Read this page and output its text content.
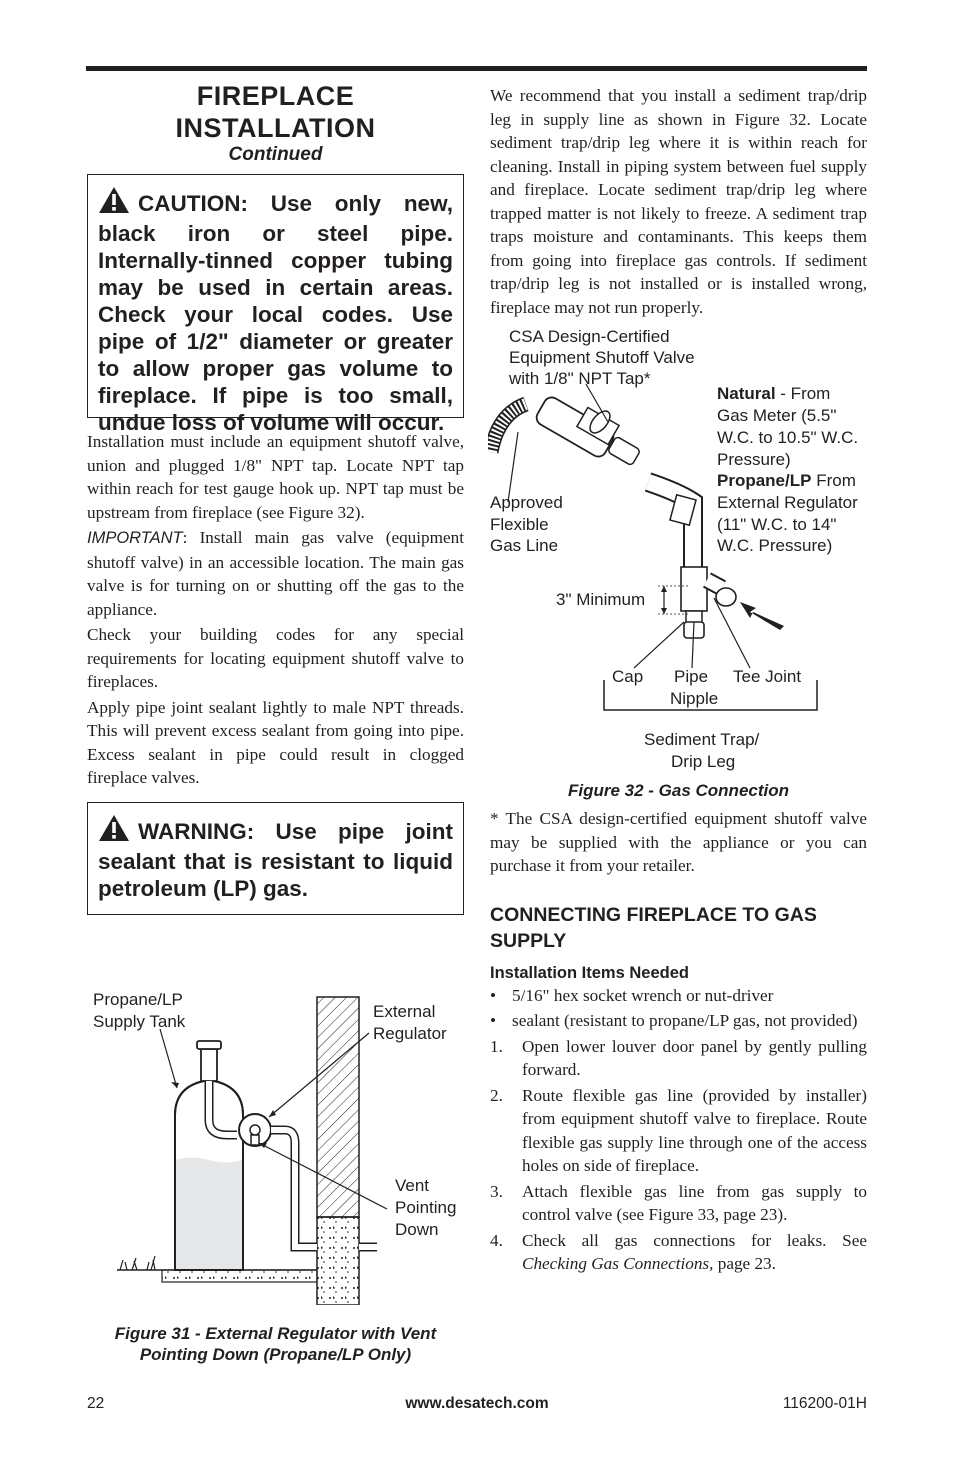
FIREPLACE
INSTALLATION
Continued
CAUTION: Use only new, black iron or steel pipe. Internally-tinned copper tubing may be used in certain areas. Check your local codes. Use pipe of 1/2" diameter or greater to allow proper gas volume to fireplace. If pipe is too small, undue loss of volume will occur.

Installation must include an equipment shutoff valve, union and plugged 1/8" NPT tap. Locate NPT tap within reach for test gauge hook up. NPT tap must be upstream from fireplace (see Figure 32).

IMPORTANT: Install main gas valve (equipment shutoff valve) in an accessible location. The main gas valve is for turning on or shutting off the gas to the appliance.

Check your building codes for any special requirements for locating equipment shutoff valve to fireplaces.

Apply pipe joint sealant lightly to male NPT threads. This will prevent excess sealant from going into pipe. Excess sealant in pipe could result in clogged fireplace valves.

WARNING: Use pipe joint sealant that is resistant to liquid petroleum (LP) gas.
Propane/LP
Supply Tank
External
Regulator
Vent
Pointing
Down
Figure 31 - External Regulator with Vent
Pointing Down (Propane/LP Only)

We recommend that you install a sediment trap/drip leg in supply line as shown in Figure 32. Locate sediment trap/drip leg where it is within reach for cleaning. Install in piping system between fuel supply and fireplace. Locate sediment trap/drip leg where trapped matter is not likely to freeze. A sediment trap traps moisture and contaminants. This keeps them from going into fireplace gas controls. If sediment trap/drip leg is not installed or is installed wrong, fireplace may not run properly.

CSA Design-Certified
Equipment Shutoff Valve
with 1/8" NPT Tap*
Natural - From
Gas Meter (5.5"
W.C. to 10.5" W.C.
Pressure)
Propane/LP From
External Regulator
(11" W.C. to 14"
W.C. Pressure)
Approved
Flexible
Gas Line
3" Minimum
Cap Pipe
Nipple
Tee Joint
Sediment Trap/
Drip Leg
Figure 32 - Gas Connection

* The CSA design-certified equipment shutoff valve may be supplied with the appliance or you can purchase it from your retailer.

CONNECTING FIREPLACE TO GAS SUPPLY
Installation Items Needed
• 5/16" hex socket wrench or nut-driver
• sealant (resistant to propane/LP gas, not provided)
1. Open lower louver door panel by gently pulling forward.
2. Route flexible gas line (provided by installer) from equipment shutoff valve to fireplace. Route flexible gas supply line through one of the access holes on side of fireplace.
3. Attach flexible gas line from gas supply to control valve (see Figure 33, page 23).
4. Check all gas connections for leaks. See Checking Gas Connections, page 23.
22	www.desatech.com	116200-01H
